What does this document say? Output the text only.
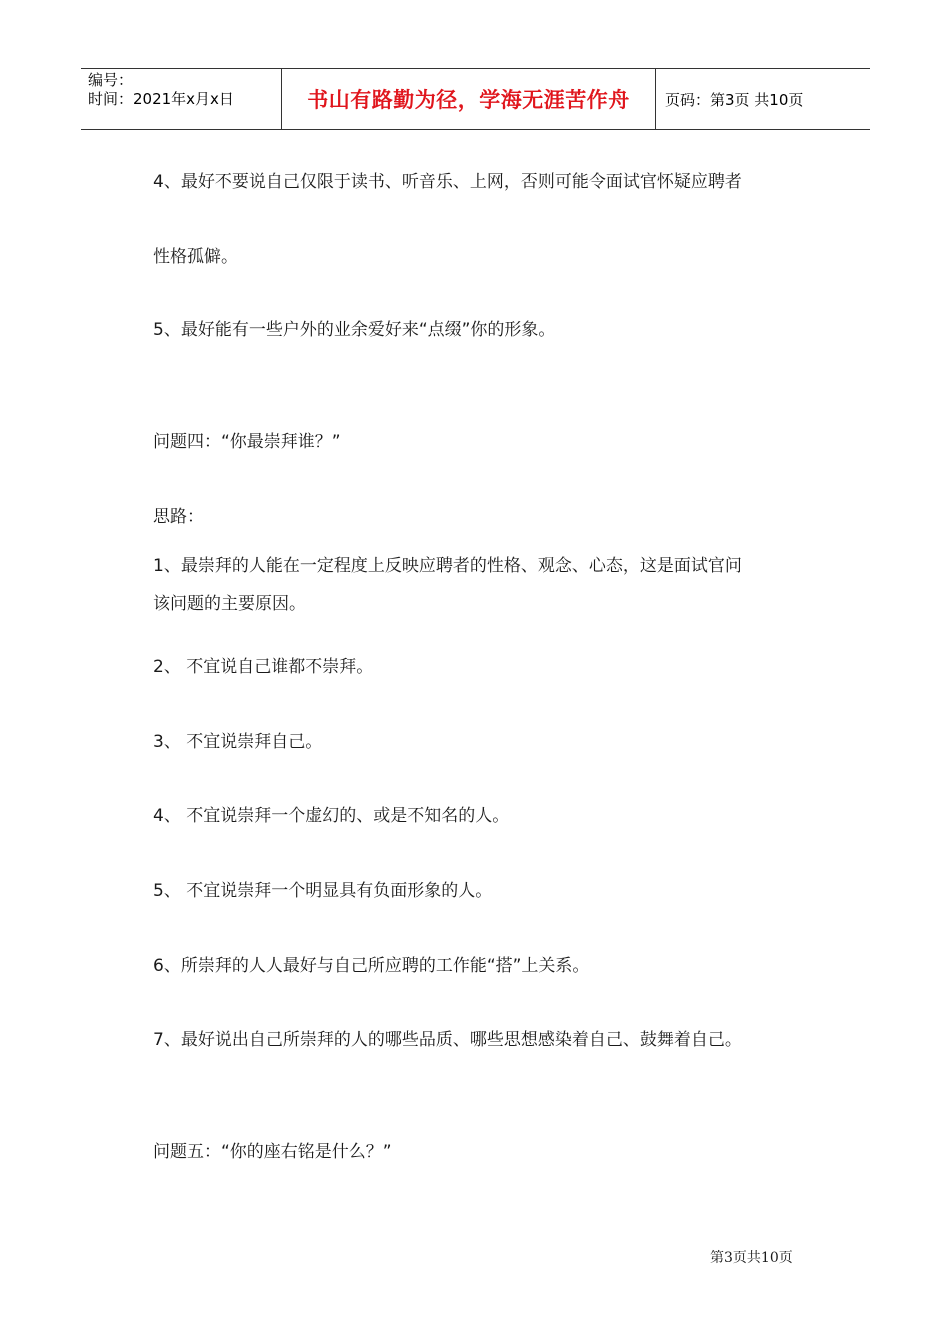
编号：
时间：2021年x月x日	书山有路勤为径，学海无涯苦作舟 页码：第3页 共10页
4、最好不要说自己仅限于读书、听音乐、上网，否则可能令面试官怀疑应聘者
性格孤僻。
5、最好能有一些户外的业余爱好来“点缀”你的形象。
问题四：“你最崇拜谁？”
思路：
1、最崇拜的人能在一定程度上反映应聘者的性格、观念、心态，这是面试官问
该问题的主要原因。
2、 不宜说自己谁都不崇拜。
3、 不宜说崇拜自己。
4、 不宜说崇拜一个虚幻的、或是不知名的人。
5、 不宜说崇拜一个明显具有负面形象的人。
6、所崇拜的人人最好与自己所应聘的工作能“搭”上关系。
7、最好说出自己所崇拜的人的哪些品质、哪些思想感染着自己、鼓舞着自己。
问题五：“你的座右铭是什么？”
第3页共10页
